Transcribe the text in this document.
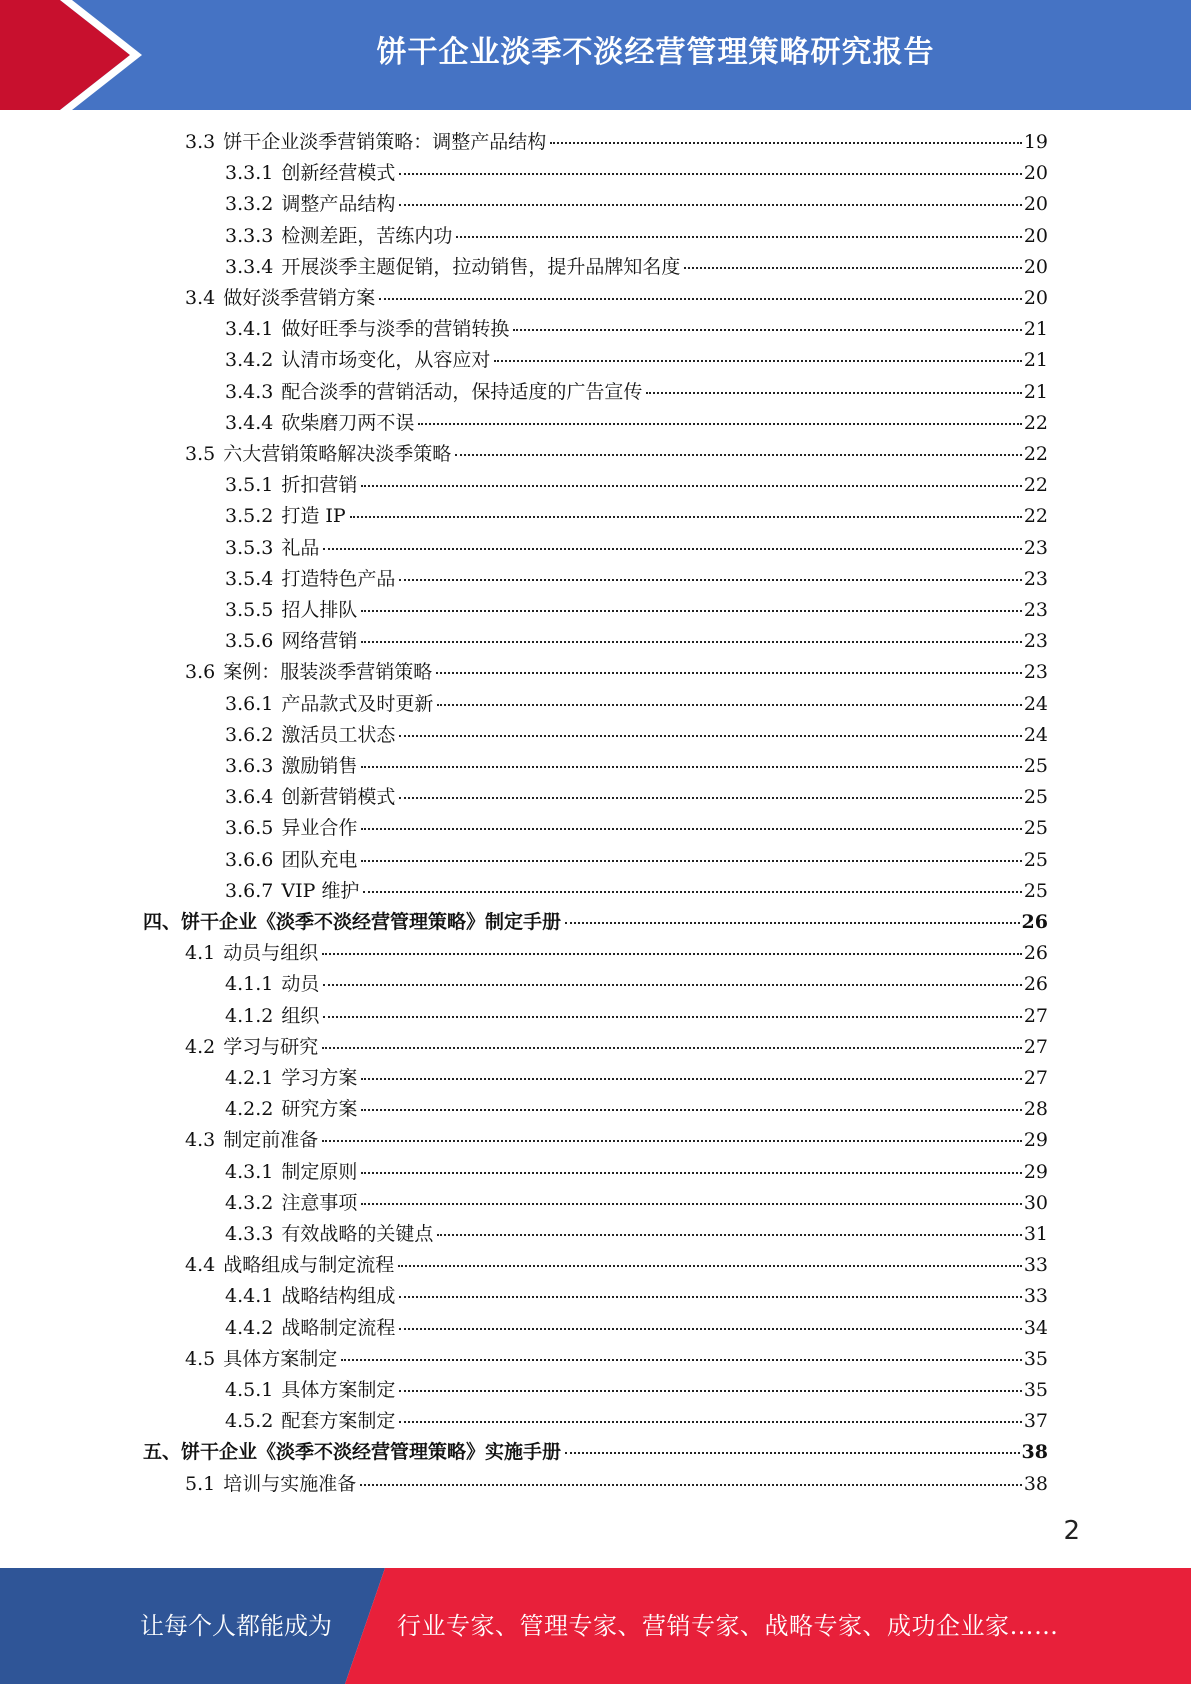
饼干企业淡季不淡经营管理策略研究报告
3.3 饼干企业淡季营销策略：调整产品结构	19
3.3.1 创新经营模式	20
3.3.2 调整产品结构	20
3.3.3 检测差距，苦练内功	20
3.3.4 开展淡季主题促销，拉动销售，提升品牌知名度	20
3.4 做好淡季营销方案	20
3.4.1 做好旺季与淡季的营销转换	21
3.4.2 认清市场变化，从容应对	21
3.4.3 配合淡季的营销活动，保持适度的广告宣传	21
3.4.4 砍柴磨刀两不误	22
3.5 六大营销策略解决淡季策略	22
3.5.1 折扣营销	22
3.5.2 打造 IP	22
3.5.3 礼品	23
3.5.4 打造特色产品	23
3.5.5 招人排队	23
3.5.6 网络营销	23
3.6 案例：服装淡季营销策略	23
3.6.1 产品款式及时更新	24
3.6.2 激活员工状态	24
3.6.3 激励销售	25
3.6.4 创新营销模式	25
3.6.5 异业合作	25
3.6.6 团队充电	25
3.6.7 VIP 维护	25
四、 饼干企业《淡季不淡经营管理策略》制定手册	26
4.1 动员与组织	26
4.1.1 动员	26
4.1.2 组织	27
4.2 学习与研究	27
4.2.1 学习方案	27
4.2.2 研究方案	28
4.3 制定前准备	29
4.3.1 制定原则	29
4.3.2 注意事项	30
4.3.3 有效战略的关键点	31
4.4 战略组成与制定流程	33
4.4.1 战略结构组成	33
4.4.2 战略制定流程	34
4.5 具体方案制定	35
4.5.1 具体方案制定	35
4.5.2 配套方案制定	37
五、 饼干企业《淡季不淡经营管理策略》实施手册	38
5.1 培训与实施准备	38
2
让每个人都能成为	行业专家、管理专家、营销专家、战略专家、成功企业家……
